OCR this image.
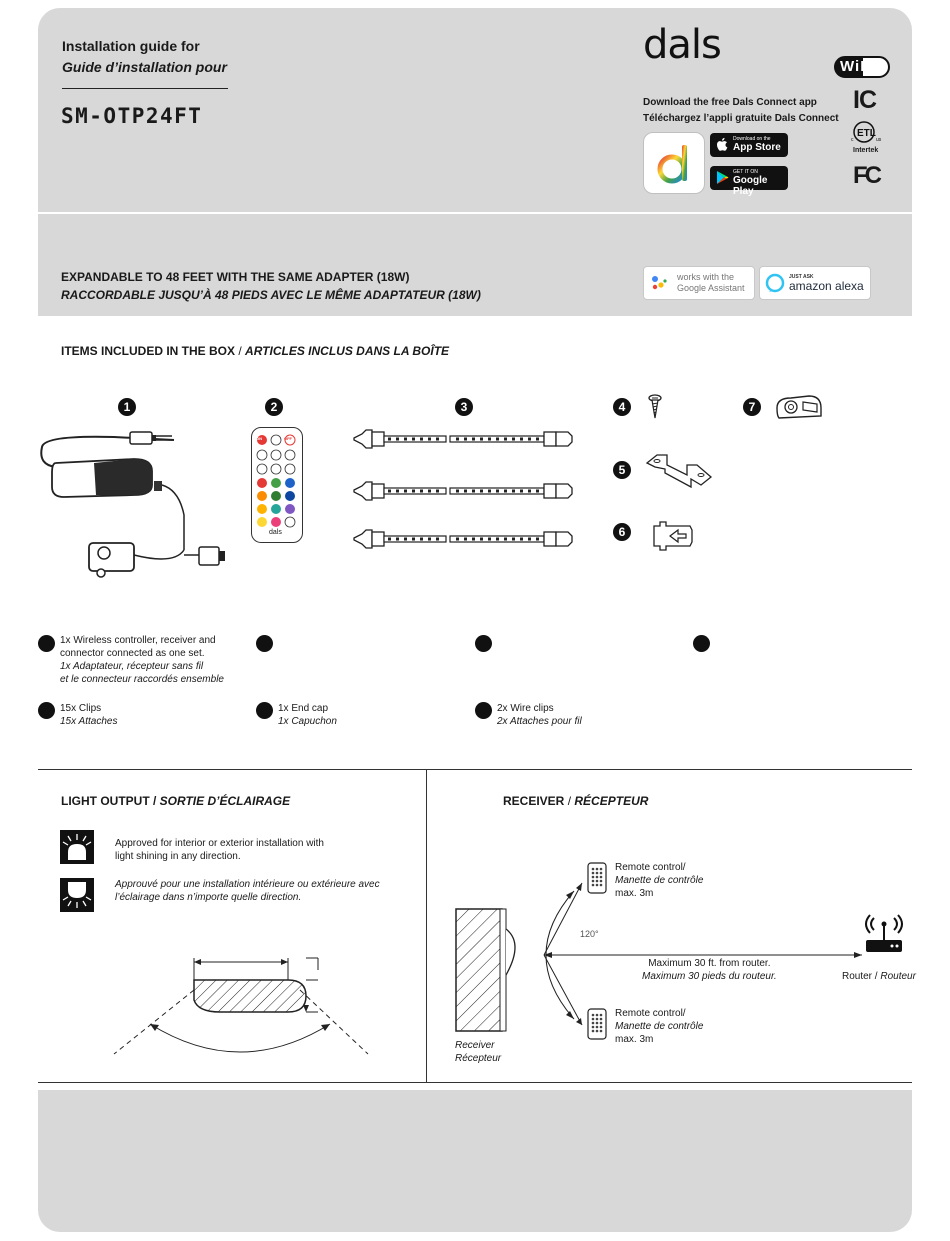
Installation guide for
Guide d’installation pour
SM-OTP24FT
dals
Download the free Dals Connect app
Téléchargez l’appli gratuite Dals Connect
Download on the
App Store
GET IT ON
Google Play
WiFi
IC
ETL
us
c
Intertek
FC
EXPANDABLE TO 48 FEET WITH THE SAME ADAPTER (18W)
RACCORDABLE JUSQU’À 48 PIEDS AVEC LE MÊME ADAPTATEUR (18W)
works with the
Google Assistant
JUST ASK
amazon alexa
ITEMS INCLUDED IN THE BOX / ARTICLES INCLUS DANS LA BOÎTE
1	2	3	4
5
6
7
ON	OFF
dals
1x Wireless controller, receiver and
connector connected as one set.
1x Adaptateur, récepteur sans fil
et le connecteur raccordés ensemble
15x Clips
15x Attaches
1x End cap
1x Capuchon
2x Wire clips
2x Attaches pour fil
LIGHT OUTPUT / SORTIE D’ÉCLAIRAGE
Approved for interior or exterior installation with
light shining in any direction.
Approuvé pour une installation intérieure ou extérieure avec
l’éclairage dans n’importe quelle direction.
RECEIVER / RÉCEPTEUR
Remote control/
Manette de contrôle
max. 3m
Remote control/
Manette de contrôle
max. 3m
120°
Maximum 30 ft. from router.
Maximum 30 pieds du routeur.	Router / Routeur
Receiver
Récepteur
